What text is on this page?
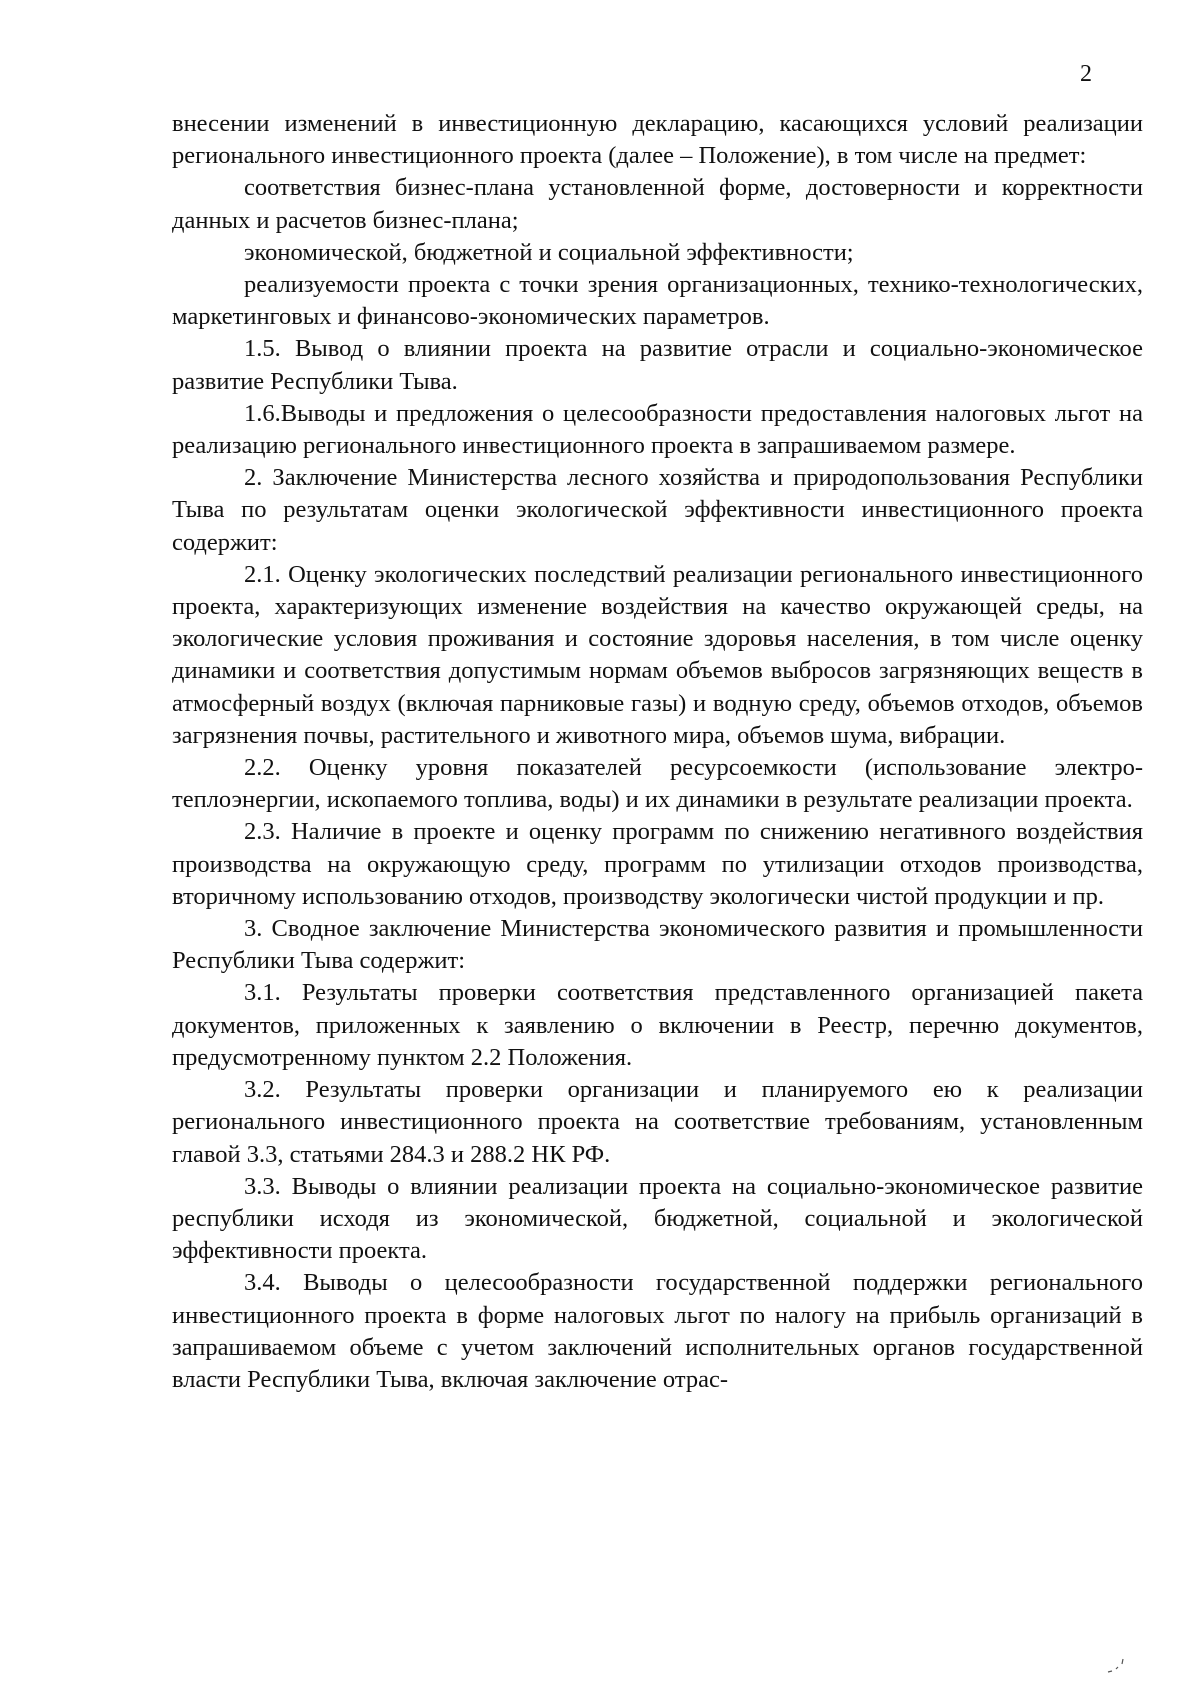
2

внесении изменений в инвестиционную декларацию, касающихся условий реализации регионального инвестиционного проекта (далее – Положение), в том числе на предмет:

соответствия бизнес-плана установленной форме, достоверности и корректности данных и расчетов бизнес-плана;

экономической, бюджетной и социальной эффективности;

реализуемости проекта с точки зрения организационных, технико-технологических, маркетинговых и финансово-экономических параметров.

1.5. Вывод о влиянии проекта на развитие отрасли и социально-экономическое развитие Республики Тыва.

1.6.Выводы и предложения о целесообразности предоставления налоговых льгот на реализацию регионального инвестиционного проекта в запрашиваемом размере.

2. Заключение Министерства лесного хозяйства и природопользования Республики Тыва по результатам оценки экологической эффективности инвестиционного проекта содержит:

2.1. Оценку экологических последствий реализации регионального инвестиционного проекта, характеризующих изменение воздействия на качество окружающей среды, на экологические условия проживания и состояние здоровья населения, в том числе оценку динамики и соответствия допустимым нормам объемов выбросов загрязняющих веществ в атмосферный воздух (включая парниковые газы) и водную среду, объемов отходов, объемов загрязнения почвы, растительного и животного мира, объемов шума, вибрации.

2.2. Оценку уровня показателей ресурсоемкости (использование электро-теплоэнергии, ископаемого топлива, воды) и их динамики в результате реализации проекта.

2.3. Наличие в проекте и оценку программ по снижению негативного воздействия производства на окружающую среду, программ по утилизации отходов производства, вторичному использованию отходов, производству экологически чистой продукции и пр.

3. Сводное заключение Министерства экономического развития и промышленности Республики Тыва содержит:

3.1. Результаты проверки соответствия представленного организацией пакета документов, приложенных к заявлению о включении в Реестр, перечню документов, предусмотренному пунктом 2.2 Положения.

3.2. Результаты проверки организации и планируемого ею к реализации регионального инвестиционного проекта на соответствие требованиям, установленным главой 3.3, статьями 284.3 и 288.2 НК РФ.

3.3. Выводы о влиянии реализации проекта на социально-экономическое развитие республики исходя из экономической, бюджетной, социальной и экологической эффективности проекта.

3.4. Выводы о целесообразности государственной поддержки регионального инвестиционного проекта в форме налоговых льгот по налогу на прибыль организаций в запрашиваемом объеме с учетом заключений исполнительных органов государственной власти Республики Тыва, включая заключение отрас-
